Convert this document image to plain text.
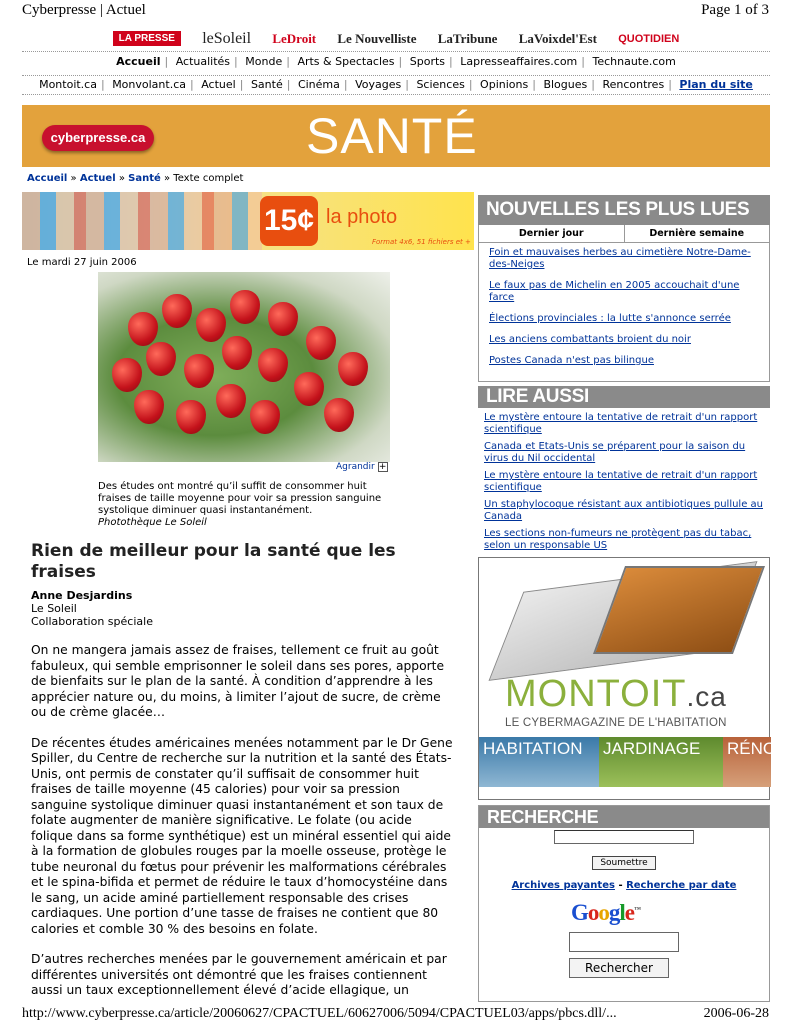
Cyberpresse | Actuel	Page 1 of 3
LA PRESSE	leSoleil LeDroit Le Nouvelliste LaTribune LaVoixdel'Est QUOTIDIEN
Accueil | Actualités | Monde | Arts & Spectacles | Sports | Lapresseaffaires.com | Technaute.com
Montoit.ca | Monvolant.ca | Actuel | Santé | Cinéma | Voyages | Sciences | Opinions | Blogues | Rencontres | Plan du site
cyberpresse.ca	SANTÉ
Accueil » Actuel » Santé » Texte complet
15¢ la photo
Format 4x6, 51 fichiers et +
Le mardi 27 juin 2006
Agrandir +
Des études ont montré qu’il suffit de consommer huit fraises de taille moyenne pour voir sa pression sanguine systolique diminuer quasi instantanément.
Photothèque Le Soleil
Rien de meilleur pour la santé que les fraises
Anne Desjardins
Le Soleil
Collaboration spéciale

On ne mangera jamais assez de fraises, tellement ce fruit au goût fabuleux, qui semble emprisonner le soleil dans ses pores, apporte de bienfaits sur le plan de la santé. À condition d’apprendre à les apprécier nature ou, du moins, à limiter l’ajout de sucre, de crème ou de crème glacée…

De récentes études américaines menées notamment par le Dr Gene Spiller, du Centre de recherche sur la nutrition et la santé des États-Unis, ont permis de constater qu’il suffisait de consommer huit fraises de taille moyenne (45 calories) pour voir sa pression sanguine systolique diminuer quasi instantanément et son taux de folate augmenter de manière significative. Le folate (ou acide folique dans sa forme synthétique) est un minéral essentiel qui aide à la formation de globules rouges par la moelle osseuse, protège le tube neuronal du fœtus pour prévenir les malformations cérébrales et le spina-bifida et permet de réduire le taux d’homocystéine dans le sang, un acide aminé partiellement responsable des crises cardiaques. Une portion d’une tasse de fraises ne contient que 80 calories et comble 30 % des besoins en folate.

D’autres recherches menées par le gouvernement américain et par différentes universités ont démontré que les fraises contiennent aussi un taux exceptionnellement élevé d’acide ellagique, un

NOUVELLES LES PLUS LUES
Dernier jour	Dernière semaine
Foin et mauvaises herbes au cimetière Notre-Dame-des-Neiges
Le faux pas de Michelin en 2005 accouchait d'une farce
Élections provinciales : la lutte s'annonce serrée
Les anciens combattants broient du noir
Postes Canada n'est pas bilingue
LIRE AUSSI
Le mystère entoure la tentative de retrait d'un rapport scientifique
Canada et Etats-Unis se préparent pour la saison du virus du Nil occidental
Le mystère entoure la tentative de retrait d'un rapport scientifique
Un staphylocoque résistant aux antibiotiques pullule au Canada
Les sections non-fumeurs ne protègent pas du tabac, selon un responsable US
MONTOIT.ca
LE CYBERMAGAZINE DE L'HABITATION
HABITATION	JARDINAGE	RÉNO
RECHERCHE
Soumettre
Archives payantes - Recherche par date
Google™
Rechercher
http://www.cyberpresse.ca/article/20060627/CPACTUEL/60627006/5094/CPACTUEL03/apps/pbcs.dll/...	2006-06-28
